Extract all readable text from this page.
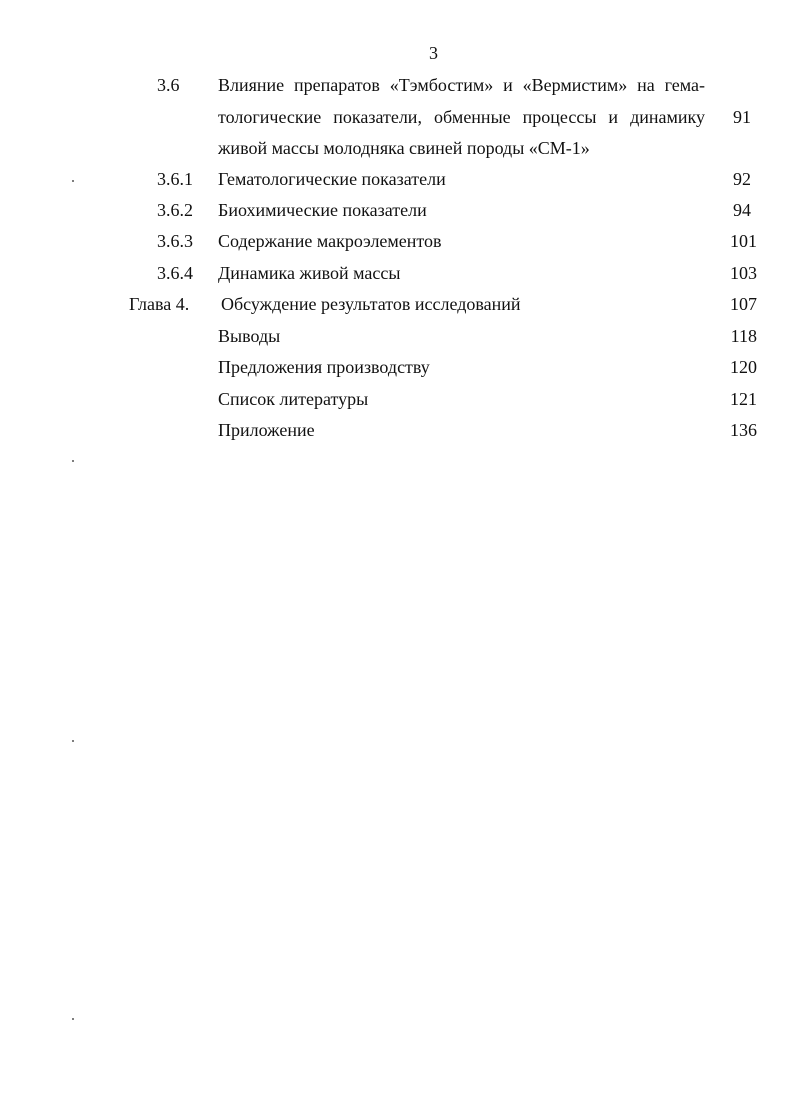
3
3.6 Влияние препаратов «Тэмбостим» и «Вермистим» на гема-
тологические показатели, обменные процессы и динамику
живой массы молодняка свиней породы «СМ-1»
91
3.6.1 Гематологические показатели	92
3.6.2 Биохимические показатели	94
3.6.3 Содержание макроэлементов	101
3.6.4 Динамика живой массы	103
Глава 4. Обсуждение результатов исследований	107
Выводы	118
Предложения производству	120
Список литературы	121
Приложение	136
